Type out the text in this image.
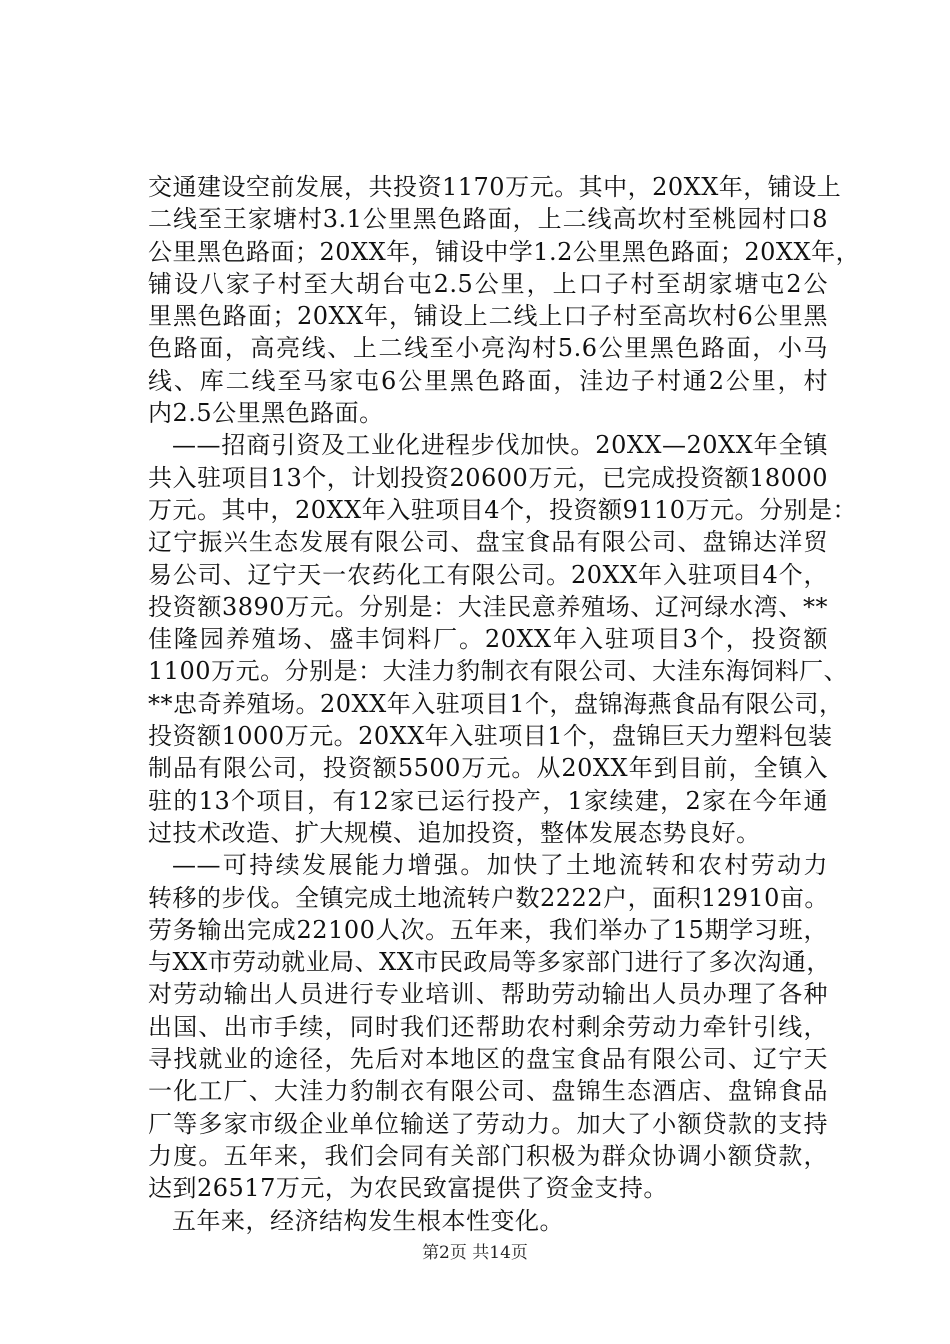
交通建设空前发展，共投资1170万元。其中，20XX年，铺设上
二线至王家塘村3.1公里黑色路面，上二线高坎村至桃园村口8
公里黑色路面；20XX年，铺设中学1.2公里黑色路面；20XX年，
铺设八家子村至大胡台屯2.5公里，上口子村至胡家塘屯2公
里黑色路面；20XX年，铺设上二线上口子村至高坎村6公里黑
色路面，高亮线、上二线至小亮沟村5.6公里黑色路面，小马
线、库二线至马家屯6公里黑色路面，洼边子村通2公里，村
内2.5公里黑色路面。
——招商引资及工业化进程步伐加快。20XX—20XX年全镇
共入驻项目13个，计划投资20600万元，已完成投资额18000
万元。其中，20XX年入驻项目4个，投资额9110万元。分别是：
辽宁振兴生态发展有限公司、盘宝食品有限公司、盘锦达洋贸
易公司、辽宁天一农药化工有限公司。20XX年入驻项目4个，
投资额3890万元。分别是：大洼民意养殖场、辽河绿水湾、**
佳隆园养殖场、盛丰饲料厂。20XX年入驻项目3个，投资额
1100万元。分别是：大洼力豹制衣有限公司、大洼东海饲料厂、
**忠奇养殖场。20XX年入驻项目1个，盘锦海燕食品有限公司，
投资额1000万元。20XX年入驻项目1个，盘锦巨天力塑料包装
制品有限公司，投资额5500万元。从20XX年到目前，全镇入
驻的13个项目，有12家已运行投产，1家续建，2家在今年通
过技术改造、扩大规模、追加投资，整体发展态势良好。
——可持续发展能力增强。加快了土地流转和农村劳动力
转移的步伐。全镇完成土地流转户数2222户，面积12910亩。
劳务输出完成22100人次。五年来，我们举办了15期学习班，
与XX市劳动就业局、XX市民政局等多家部门进行了多次沟通，
对劳动输出人员进行专业培训、帮助劳动输出人员办理了各种
出国、出市手续，同时我们还帮助农村剩余劳动力牵针引线，
寻找就业的途径，先后对本地区的盘宝食品有限公司、辽宁天
一化工厂、大洼力豹制衣有限公司、盘锦生态酒店、盘锦食品
厂等多家市级企业单位输送了劳动力。加大了小额贷款的支持
力度。五年来，我们会同有关部门积极为群众协调小额贷款，
达到26517万元，为农民致富提供了资金支持。
五年来，经济结构发生根本性变化。
第2页 共14页
